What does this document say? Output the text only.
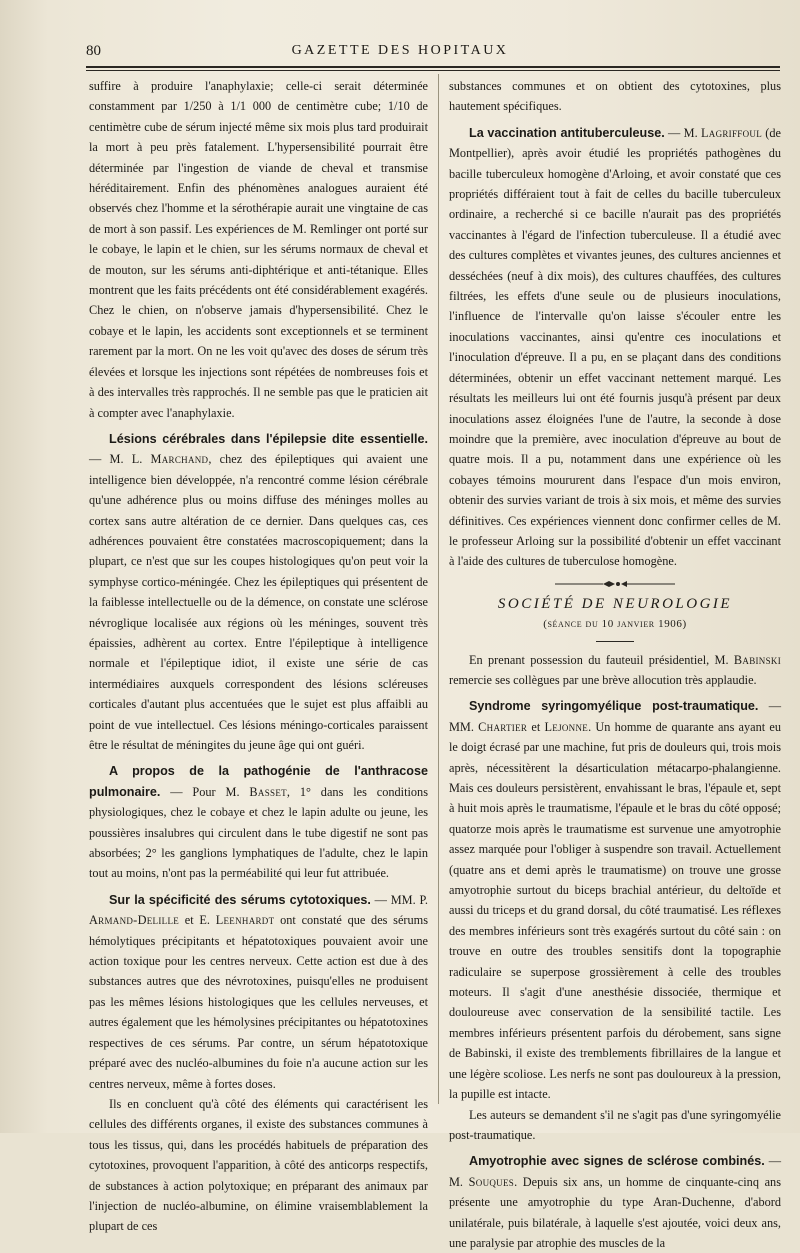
80	GAZETTE DES HOPITAUX

suffire à produire l'anaphylaxie; celle-ci serait déterminée constamment par 1/250 à 1/1 000 de centimètre cube; 1/10 de centimètre cube de sérum injecté même six mois plus tard produirait la mort à peu près fatalement. L'hypersensibilité pourrait être déterminée par l'ingestion de viande de cheval et transmise héréditairement. Enfin des phénomènes analogues auraient été observés chez l'homme et la sérothérapie aurait une vingtaine de cas de mort à son passif. Les expériences de M. Remlinger ont porté sur le cobaye, le lapin et le chien, sur les sérums normaux de cheval et de mouton, sur les sérums anti-diphtérique et anti-tétanique. Elles montrent que les faits précédents ont été considérablement exagérés. Chez le chien, on n'observe jamais d'hypersensibilité. Chez le cobaye et le lapin, les accidents sont exceptionnels et se terminent rarement par la mort. On ne les voit qu'avec des doses de sérum très élevées et lorsque les injections sont répétées de nombreuses fois et à des intervalles très rapprochés. Il ne semble pas que le praticien ait à compter avec l'anaphylaxie.

Lésions cérébrales dans l'épilepsie dite essentielle. — M. L. Marchand, chez des épileptiques qui avaient une intelligence bien développée, n'a rencontré comme lésion cérébrale qu'une adhérence plus ou moins diffuse des méninges molles au cortex sans autre altération de ce dernier. Dans quelques cas, ces adhérences pouvaient être constatées macroscopiquement; dans la plupart, ce n'est que sur les coupes histologiques qu'on peut voir la symphyse cortico-méningée. Chez les épileptiques qui présentent de la faiblesse intellectuelle ou de la démence, on constate une sclérose névroglique localisée aux régions où les méninges, souvent très épaissies, adhèrent au cortex. Entre l'épileptique à intelligence normale et l'épileptique idiot, il existe une série de cas intermédiaires auxquels correspondent des lésions scléreuses corticales d'autant plus accentuées que le sujet est plus affaibli au point de vue intellectuel. Ces lésions méningo-corticales paraissent être le résultat de méningites du jeune âge qui ont guéri.

A propos de la pathogénie de l'anthracose pulmonaire. — Pour M. Basset, 1° dans les conditions physiologiques, chez le cobaye et chez le lapin adulte ou jeune, les poussières insalubres qui circulent dans le tube digestif ne sont pas absorbées; 2° les ganglions lymphatiques de l'adulte, chez le lapin tout au moins, n'ont pas la perméabilité qui leur fut attribuée.

Sur la spécificité des sérums cytotoxiques. — MM. P. Armand-Delille et E. Leenhardt ont constaté que des sérums hémolytiques précipitants et hépatotoxiques pouvaient avoir une action toxique pour les centres nerveux. Cette action est due à des substances autres que des névrotoxines, puisqu'elles ne produisent pas les mêmes lésions histologiques que les cellules nerveuses, et autres également que les hémolysines précipitantes ou hépatotoxines respectives de ces sérums. Par contre, un sérum hépatotoxique préparé avec des nucléo-albumines du foie n'a aucune action sur les centres nerveux, même à fortes doses.

Ils en concluent qu'à côté des éléments qui caractérisent les cellules des différents organes, il existe des substances communes à tous les tissus, qui, dans les procédés habituels de préparation des cytotoxines, provoquent l'apparition, à côté des anticorps respectifs, de substances à action polytoxique; en préparant des animaux par l'injection de nucléo-albumine, on élimine vraisemblablement la plupart de ces

substances communes et on obtient des cytotoxines, plus hautement spécifiques.

La vaccination antituberculeuse. — M. Lagriffoul (de Montpellier), après avoir étudié les propriétés pathogènes du bacille tuberculeux homogène d'Arloing, et avoir constaté que ces propriétés différaient tout à fait de celles du bacille tuberculeux ordinaire, a recherché si ce bacille n'aurait pas des propriétés vaccinantes à l'égard de l'infection tuberculeuse. Il a étudié avec des cultures complètes et vivantes jeunes, des cultures anciennes et desséchées (neuf à dix mois), des cultures chauffées, des cultures filtrées, les effets d'une seule ou de plusieurs inoculations, l'influence de l'intervalle qu'on laisse s'écouler entre les inoculations vaccinantes, ainsi qu'entre ces inoculations et l'inoculation d'épreuve. Il a pu, en se plaçant dans des conditions déterminées, obtenir un effet vaccinant nettement marqué. Les résultats les meilleurs lui ont été fournis jusqu'à présent par deux inoculations assez éloignées l'une de l'autre, la seconde à dose moindre que la première, avec inoculation d'épreuve au bout de quatre mois. Il a pu, notamment dans une expérience où les cobayes témoins moururent dans l'espace d'un mois environ, obtenir des survies variant de trois à six mois, et même des survies définitives. Ces expériences viennent donc confirmer celles de M. le professeur Arloing sur la possibilité d'obtenir un effet vaccinant à l'aide des cultures de tuberculose homogène.

SOCIÉTÉ DE NEUROLOGIE
(séance du 10 janvier 1906)

En prenant possession du fauteuil présidentiel, M. Babinski remercie ses collègues par une brève allocution très applaudie.

Syndrome syringomyélique post-traumatique. — MM. Chartier et Lejonne. Un homme de quarante ans ayant eu le doigt écrasé par une machine, fut pris de douleurs qui, trois mois après, nécessitèrent la désarticulation métacarpo-phalangienne. Mais ces douleurs persistèrent, envahissant le bras, l'épaule et, sept à huit mois après le traumatisme, l'épaule et le bras du côté opposé; quatorze mois après le traumatisme est survenue une amyotrophie assez marquée pour l'obliger à suspendre son travail. Actuellement (quatre ans et demi après le traumatisme) on trouve une grosse amyotrophie surtout du biceps brachial antérieur, du deltoïde et aussi du triceps et du grand dorsal, du côté traumatisé. Les réflexes des membres inférieurs sont très exagérés surtout du côté sain : on trouve en outre des troubles sensitifs dont la topographie radiculaire se superpose grossièrement à celle des troubles moteurs. Il s'agit d'une anesthésie dissociée, thermique et douloureuse avec conservation de la sensibilité tactile. Les membres inférieurs présentent parfois du dérobement, sans signe de Babinski, il existe des tremblements fibrillaires de la langue et une légère scoliose. Les nerfs ne sont pas douloureux à la pression, la pupille est intacte.

Les auteurs se demandent s'il ne s'agit pas d'une syringomyélie post-traumatique.

Amyotrophie avec signes de sclérose combinés. — M. Souques. Depuis six ans, un homme de cinquante-cinq ans présente une amyotrophie du type Aran-Duchenne, d'abord unilatérale, puis bilatérale, à laquelle s'est ajoutée, voici deux ans, une paralysie par atrophie des muscles de la
